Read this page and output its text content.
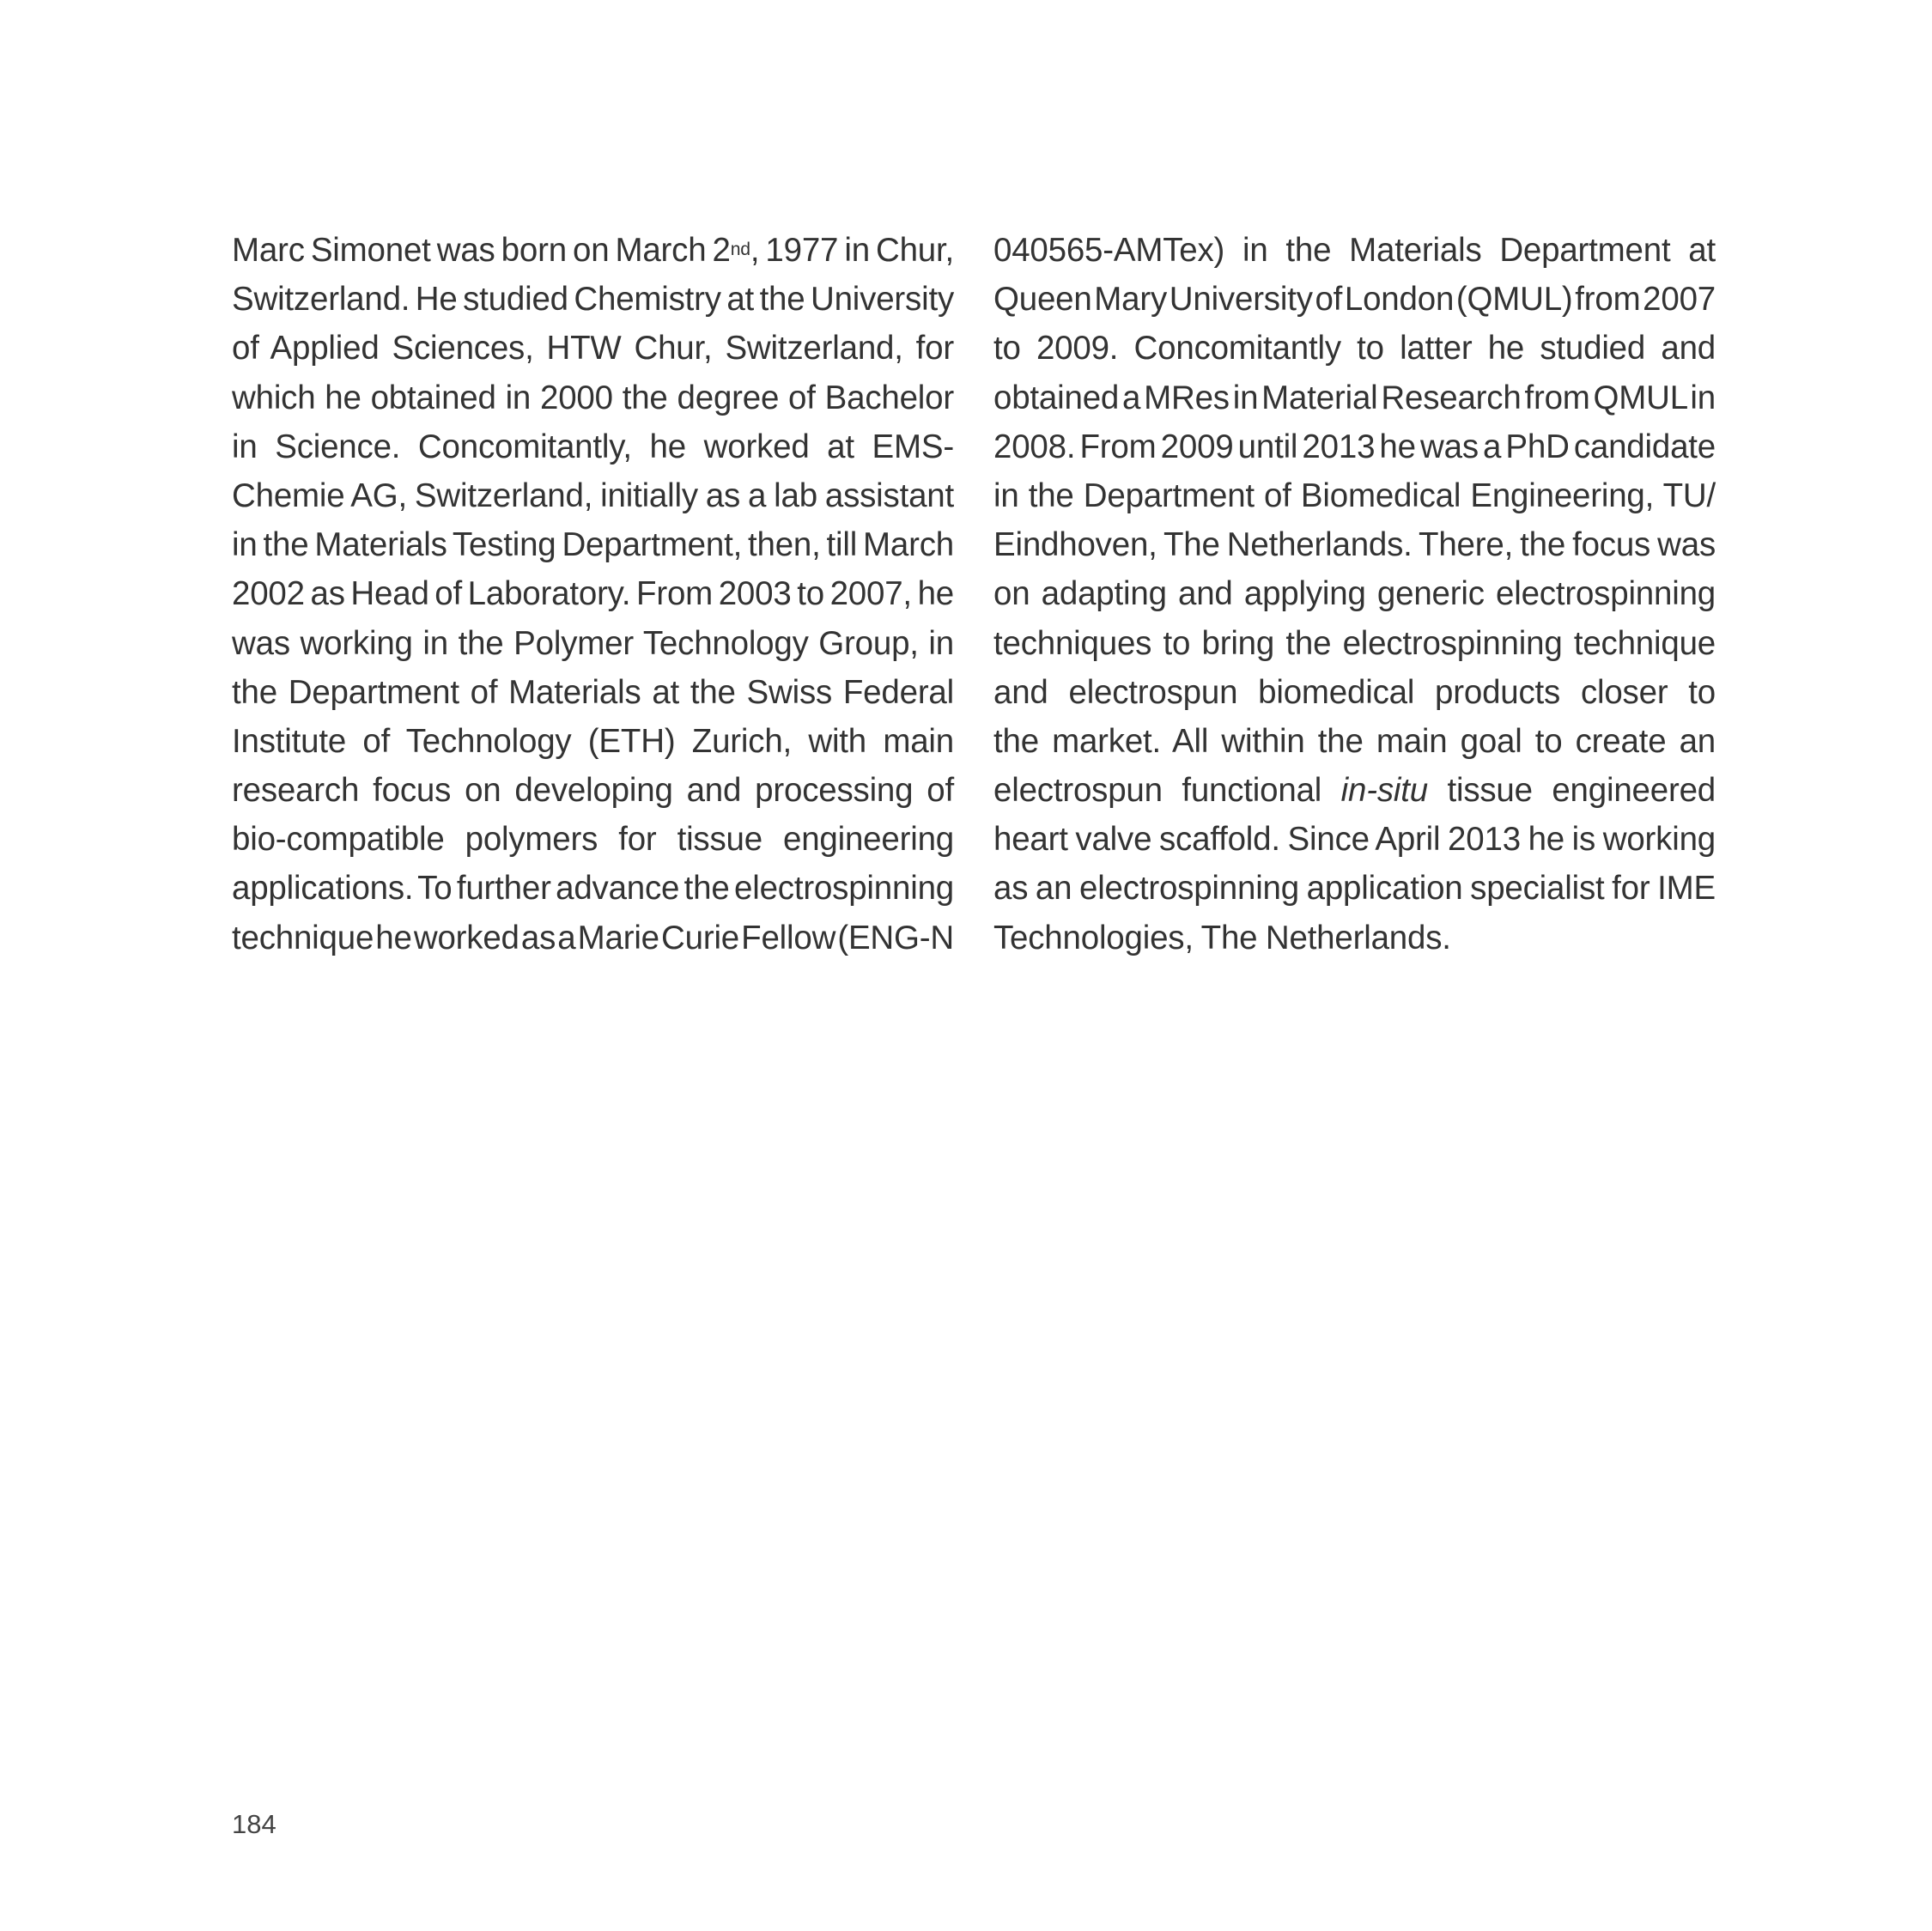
Marc Simonet was born on March 2nd, 1977 in Chur,
Switzerland. He studied Chemistry at the University
of Applied Sciences, HTW Chur, Switzerland, for
which he obtained in 2000 the degree of Bachelor
in Science. Concomitantly, he worked at EMS-
Chemie AG, Switzerland, initially as a lab assistant
in the Materials Testing Department, then, till March
2002 as Head of Laboratory. From 2003 to 2007, he
was working in the Polymer Technology Group, in
the Department of Materials at the Swiss Federal
Institute of Technology (ETH) Zurich, with main
research focus on developing and processing of
bio-compatible polymers for tissue engineering
applications. To further advance the electrospinning
technique he worked as a Marie Curie Fellow (ENG-N
040565-AMTex) in the Materials Department at
Queen Mary University of London (QMUL) from 2007
to 2009. Concomitantly to latter he studied and
obtained a MRes in Material Research from QMUL in
2008. From 2009 until 2013 he was a PhD candidate
in the Department of Biomedical Engineering, TU/
Eindhoven, The Netherlands. There, the focus was
on adapting and applying generic electrospinning
techniques to bring the electrospinning technique
and electrospun biomedical products closer to
the market. All within the main goal to create an
electrospun functional in-situ tissue engineered
heart valve scaffold. Since April 2013 he is working
as an electrospinning application specialist for IME
Technologies, The Netherlands.
184
